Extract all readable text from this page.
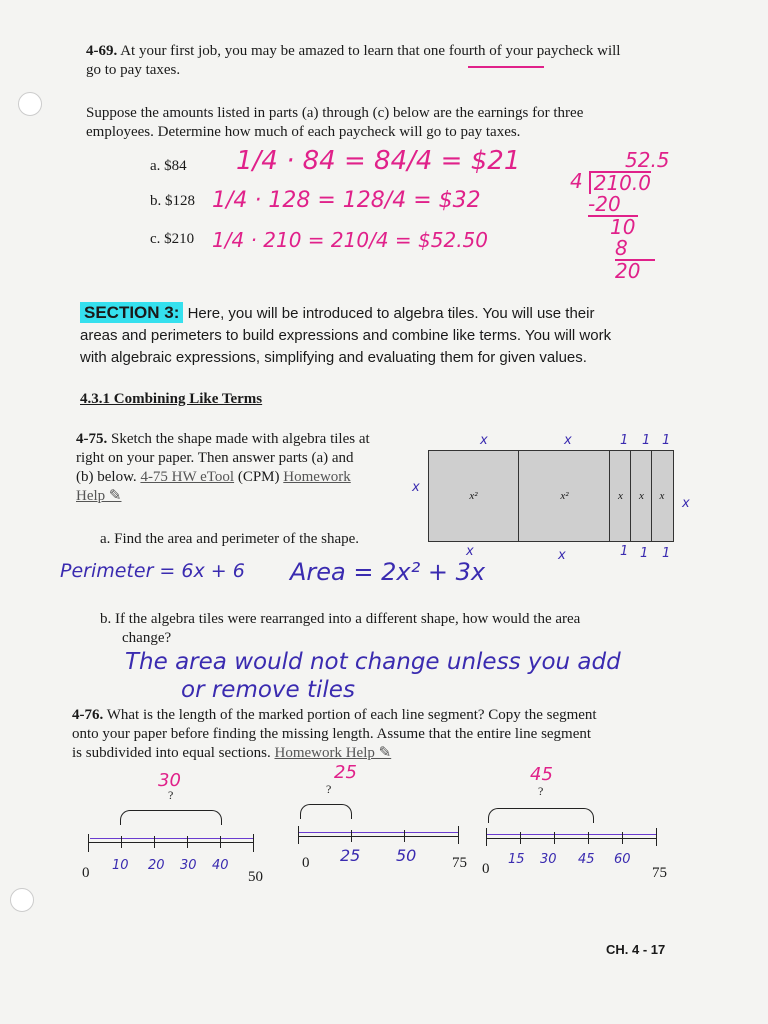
4-69. At your first job, you may be amazed to learn that one fourth of your paycheck will
go to pay taxes.
Suppose the amounts listed in parts (a) through (c) below are the earnings for three
employees. Determine how much of each paycheck will go to pay taxes.
a. $84 1/4 · 84 = 84/4 = $21
b. $128 1/4 · 128 = 128/4 = $32
c. $210 1/4 · 210 = 210/4 = $52.50
52.5
4 210.0
-20
10
8
20
SECTION 3: Here, you will be introduced to algebra tiles. You will use their
areas and perimeters to build expressions and combine like terms. You will work
with algebraic expressions, simplifying and evaluating them for given values.
4.3.1 Combining Like Terms
4-75. Sketch the shape made with algebra tiles at
right on your paper. Then answer parts (a) and
(b) below. 4-75 HW eTool (CPM) Homework
Help ✎	x²	x²	x x x
x	x	1 1 1
x
x
x	x	1 1 1
a. Find the area and perimeter of the shape.
Perimeter = 6x + 6 Area = 2x² + 3x
b. If the algebra tiles were rearranged into a different shape, how would the area
change?
The area would not change unless you add
or remove tiles
4-76. What is the length of the marked portion of each line segment? Copy the segment
onto your paper before finding the missing length. Assume that the entire line segment
is subdivided into equal sections. Homework Help ✎
30
?
0 10 20 30 40
50
25
?
0 25 50 75
45
?
0
15 30 45 60
75
CH. 4 - 17
